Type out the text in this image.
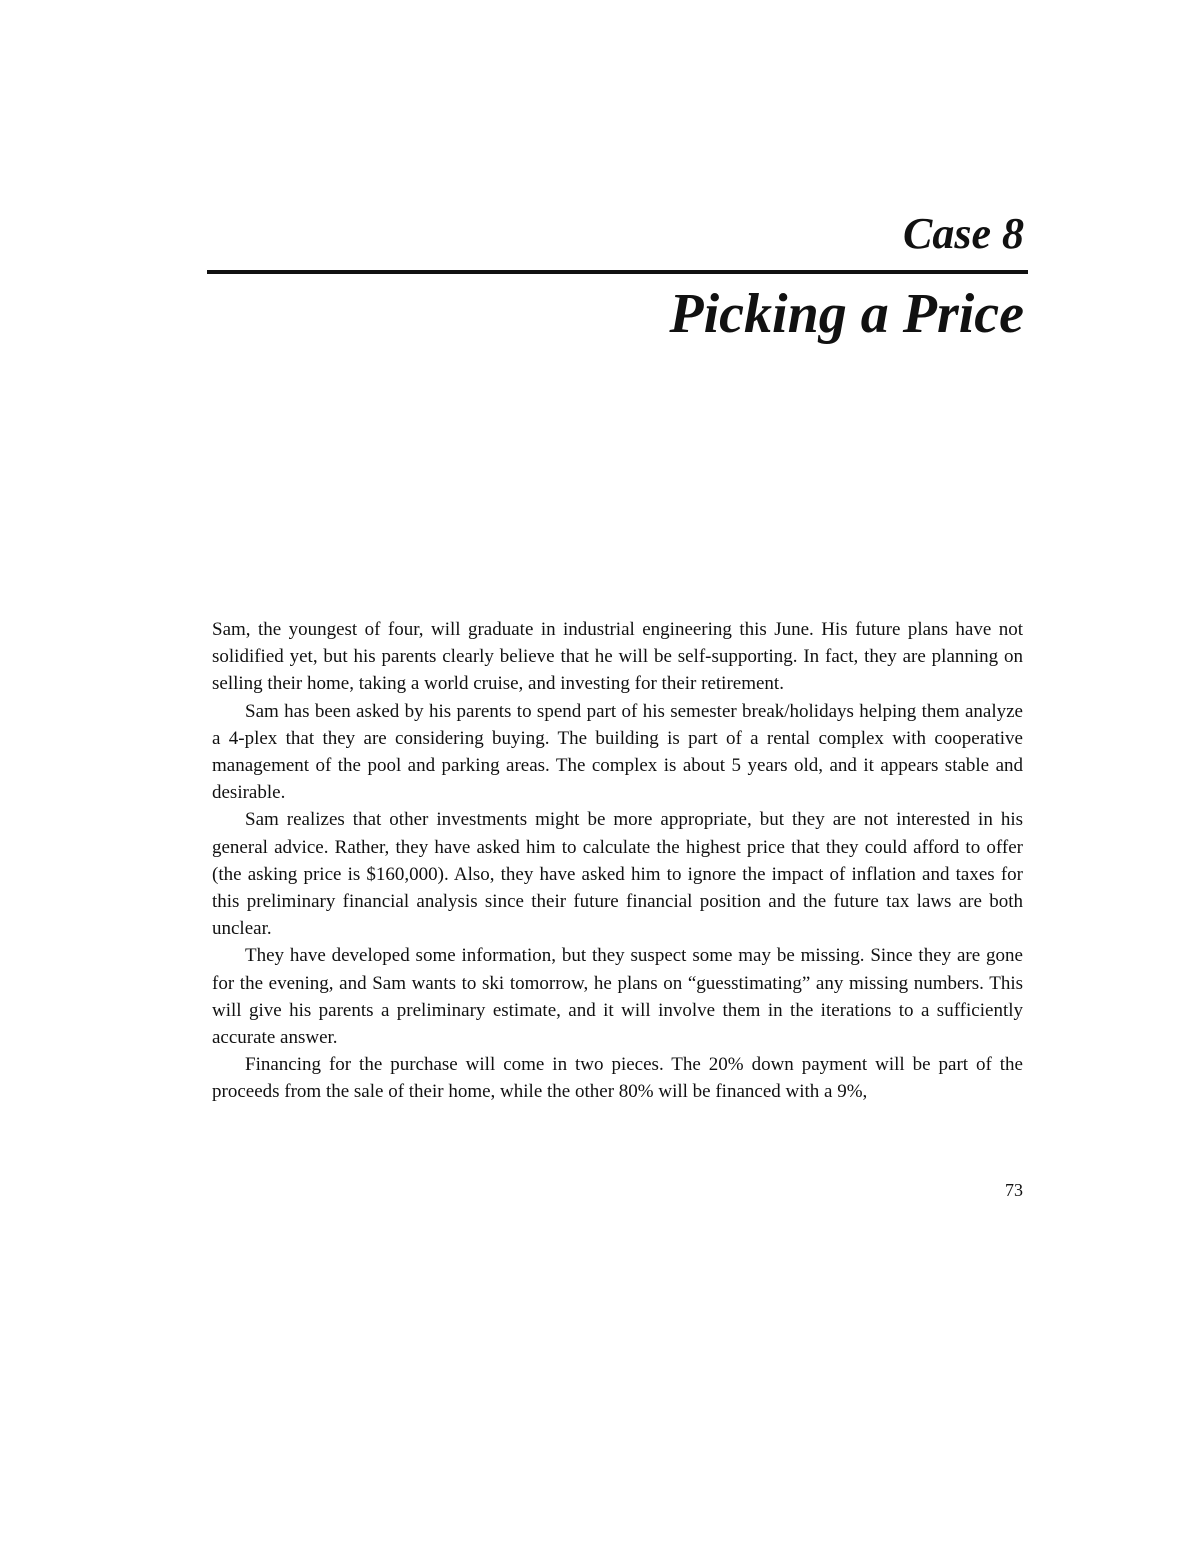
Case 8
Picking a Price

Sam, the youngest of four, will graduate in industrial engineering this June. His future plans have not solidified yet, but his parents clearly believe that he will be self-supporting. In fact, they are planning on selling their home, taking a world cruise, and investing for their retirement.

Sam has been asked by his parents to spend part of his semester break/holidays helping them analyze a 4-plex that they are considering buying. The building is part of a rental complex with cooperative management of the pool and parking areas. The complex is about 5 years old, and it appears stable and desirable.

Sam realizes that other investments might be more appropriate, but they are not interested in his general advice. Rather, they have asked him to calculate the highest price that they could afford to offer (the asking price is $160,000). Also, they have asked him to ignore the impact of inflation and taxes for this preliminary financial analysis since their future financial position and the future tax laws are both unclear.

They have developed some information, but they suspect some may be missing. Since they are gone for the evening, and Sam wants to ski tomorrow, he plans on “guesstimating” any missing numbers. This will give his parents a preliminary estimate, and it will involve them in the iterations to a sufficiently accurate answer.

Financing for the purchase will come in two pieces. The 20% down payment will be part of the proceeds from the sale of their home, while the other 80% will be financed with a 9%,

73
